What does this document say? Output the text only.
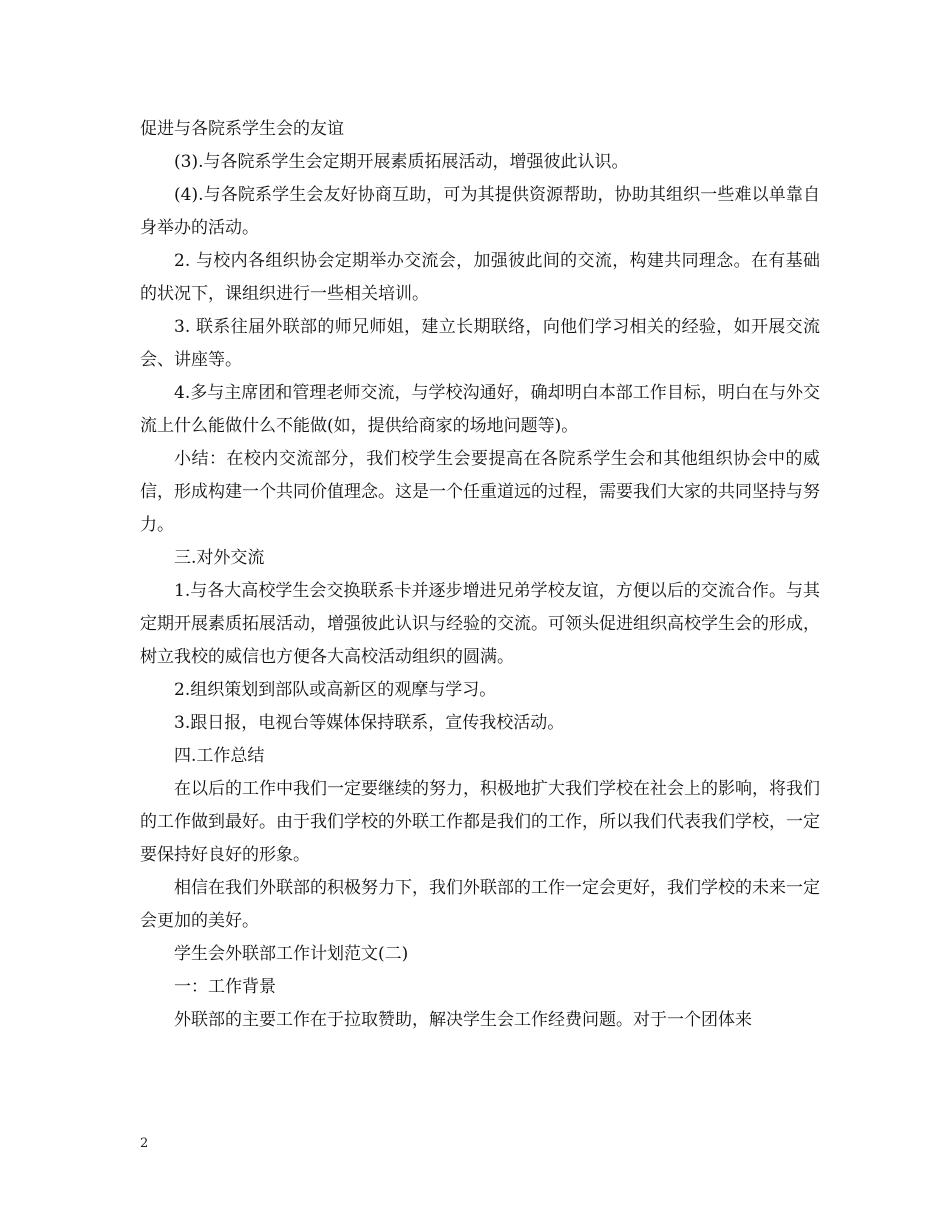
促进与各院系学生会的友谊

(3).与各院系学生会定期开展素质拓展活动，增强彼此认识。

(4).与各院系学生会友好协商互助，可为其提供资源帮助，协助其组织一些难以单靠自身举办的活动。

2. 与校内各组织协会定期举办交流会，加强彼此间的交流，构建共同理念。在有基础的状况下，课组织进行一些相关培训。

3. 联系往届外联部的师兄师姐，建立长期联络，向他们学习相关的经验，如开展交流会、讲座等。

4.多与主席团和管理老师交流，与学校沟通好，确却明白本部工作目标，明白在与外交流上什么能做什么不能做(如，提供给商家的场地问题等)。

小结：在校内交流部分，我们校学生会要提高在各院系学生会和其他组织协会中的威信，形成构建一个共同价值理念。这是一个任重道远的过程，需要我们大家的共同坚持与努力。

三.对外交流

1.与各大高校学生会交换联系卡并逐步增进兄弟学校友谊，方便以后的交流合作。与其定期开展素质拓展活动，增强彼此认识与经验的交流。可领头促进组织高校学生会的形成，树立我校的威信也方便各大高校活动组织的圆满。

2.组织策划到部队或高新区的观摩与学习。

3.跟日报，电视台等媒体保持联系，宣传我校活动。

四.工作总结

在以后的工作中我们一定要继续的努力，积极地扩大我们学校在社会上的影响，将我们的工作做到最好。由于我们学校的外联工作都是我们的工作，所以我们代表我们学校，一定要保持好良好的形象。

相信在我们外联部的积极努力下，我们外联部的工作一定会更好，我们学校的未来一定会更加的美好。

学生会外联部工作计划范文(二)

一：工作背景

外联部的主要工作在于拉取赞助，解决学生会工作经费问题。对于一个团体来

2
